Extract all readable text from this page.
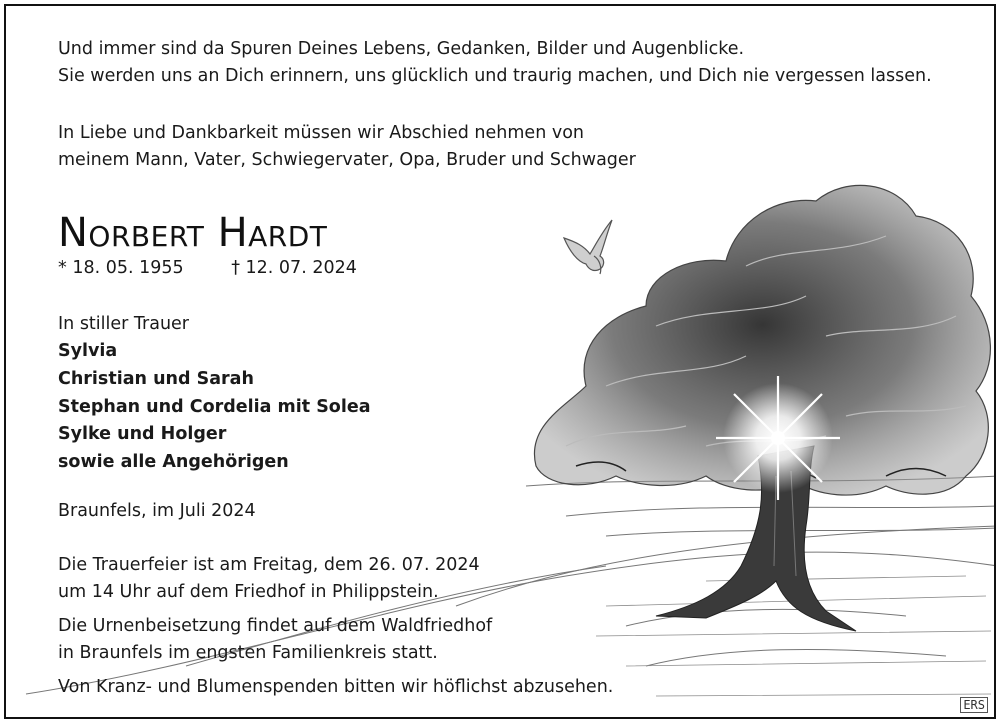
Und immer sind da Spuren Deines Lebens, Gedanken, Bilder und Augenblicke.
Sie werden uns an Dich erinnern, uns glücklich und traurig machen, und Dich nie vergessen lassen.
In Liebe und Dankbarkeit müssen wir Abschied nehmen von
meinem Mann, Vater, Schwiegervater, Opa, Bruder und Schwager
Norbert Hardt
* 18. 05. 1955	† 12. 07. 2024
In stiller Trauer
Sylvia
Christian und Sarah
Stephan und Cordelia mit Solea
Sylke und Holger
sowie alle Angehörigen
Braunfels, im Juli 2024
Die Trauerfeier ist am Freitag, dem 26. 07. 2024
um 14 Uhr auf dem Friedhof in Philippstein.
Die Urnenbeisetzung findet auf dem Waldfriedhof
in Braunfels im engsten Familienkreis statt.
Von Kranz- und Blumenspenden bitten wir höflichst abzusehen.
ERS
